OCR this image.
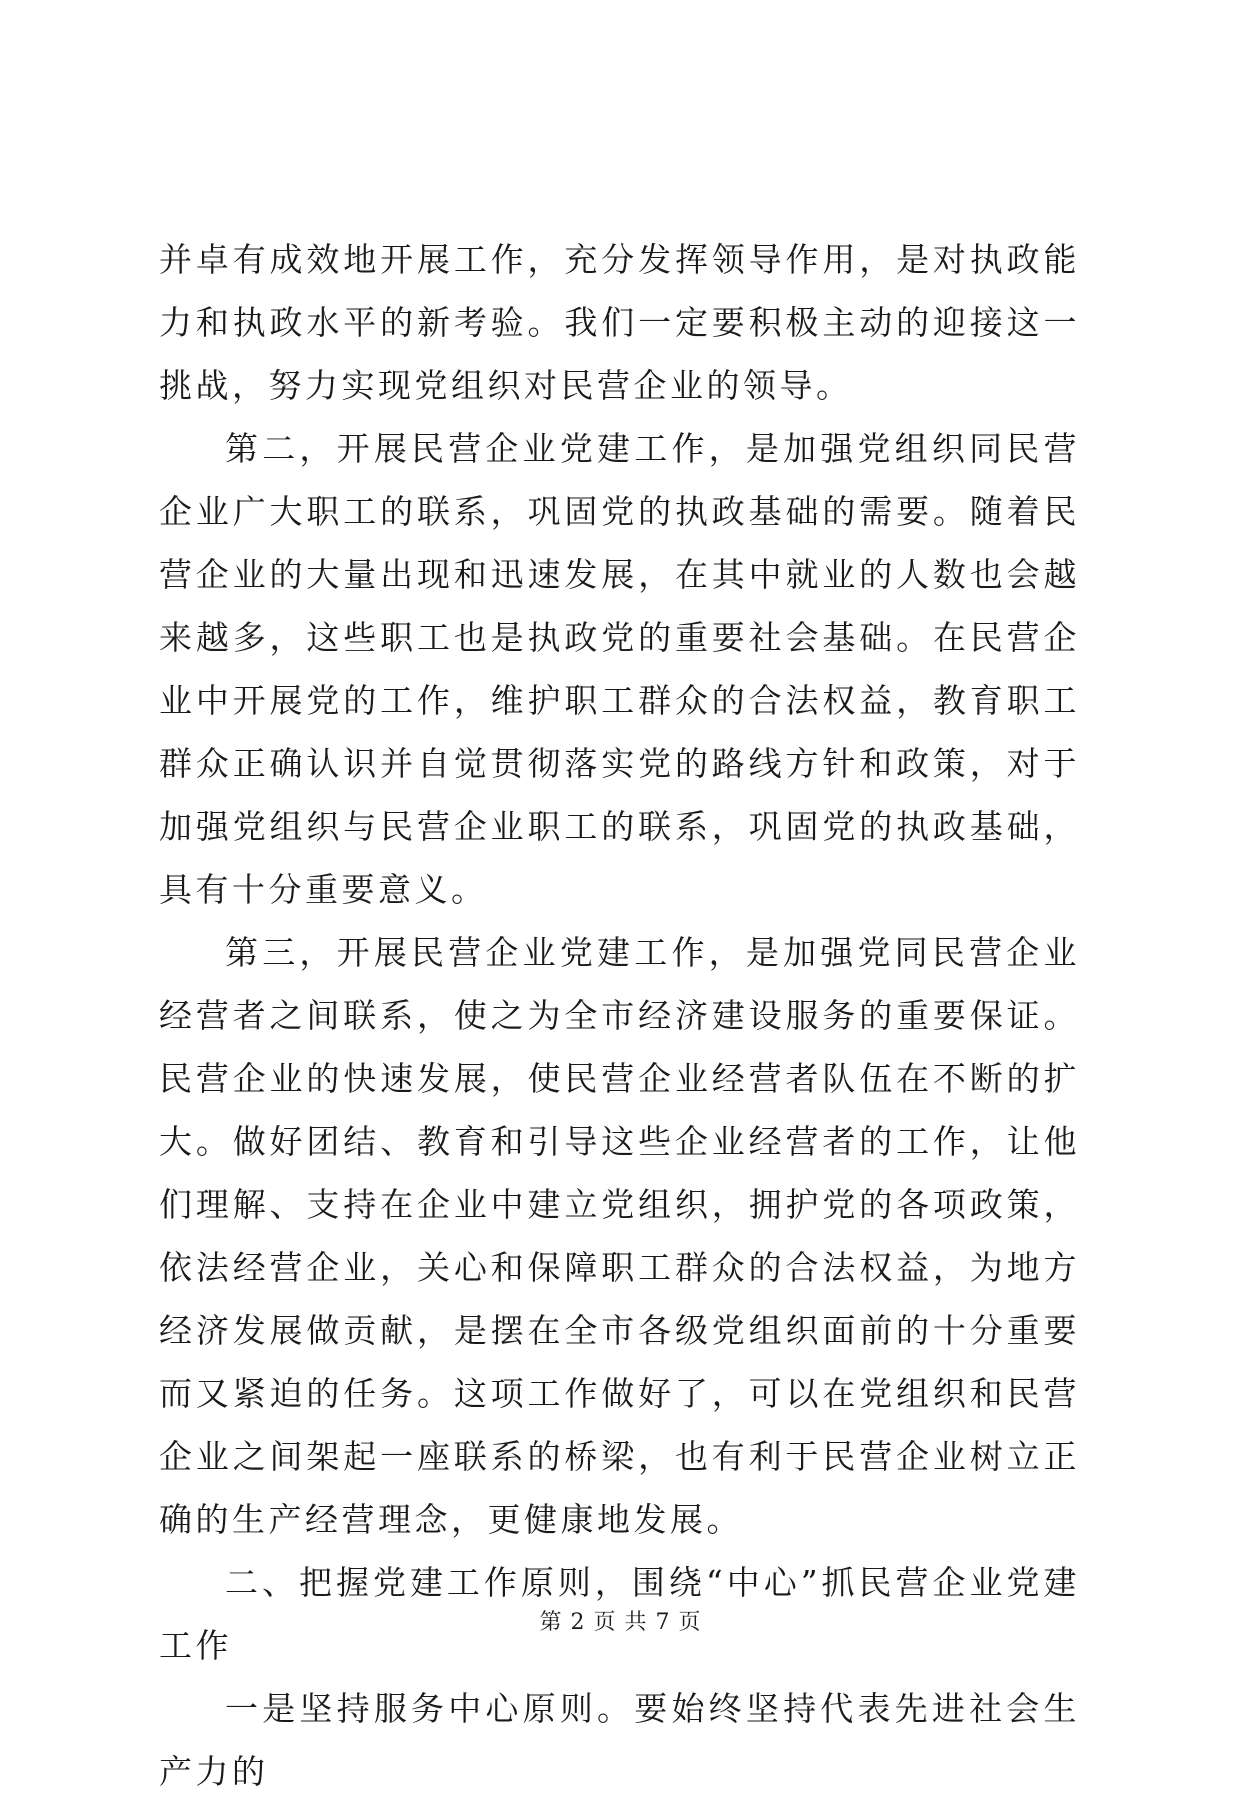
并卓有成效地开展工作，充分发挥领导作用，是对执政能力和执政水平的新考验。我们一定要积极主动的迎接这一挑战，努力实现党组织对民营企业的领导。

第二，开展民营企业党建工作，是加强党组织同民营企业广大职工的联系，巩固党的执政基础的需要。随着民营企业的大量出现和迅速发展，在其中就业的人数也会越来越多，这些职工也是执政党的重要社会基础。在民营企业中开展党的工作，维护职工群众的合法权益，教育职工群众正确认识并自觉贯彻落实党的路线方针和政策，对于加强党组织与民营企业职工的联系，巩固党的执政基础，具有十分重要意义。

第三，开展民营企业党建工作，是加强党同民营企业经营者之间联系，使之为全市经济建设服务的重要保证。民营企业的快速发展，使民营企业经营者队伍在不断的扩大。做好团结、教育和引导这些企业经营者的工作，让他们理解、支持在企业中建立党组织，拥护党的各项政策，依法经营企业，关心和保障职工群众的合法权益，为地方经济发展做贡献，是摆在全市各级党组织面前的十分重要而又紧迫的任务。这项工作做好了，可以在党组织和民营企业之间架起一座联系的桥梁，也有利于民营企业树立正确的生产经营理念，更健康地发展。

二、把握党建工作原则，围绕“中心”抓民营企业党建工作

一是坚持服务中心原则。要始终坚持代表先进社会生产力的

第 2 页 共 7 页
